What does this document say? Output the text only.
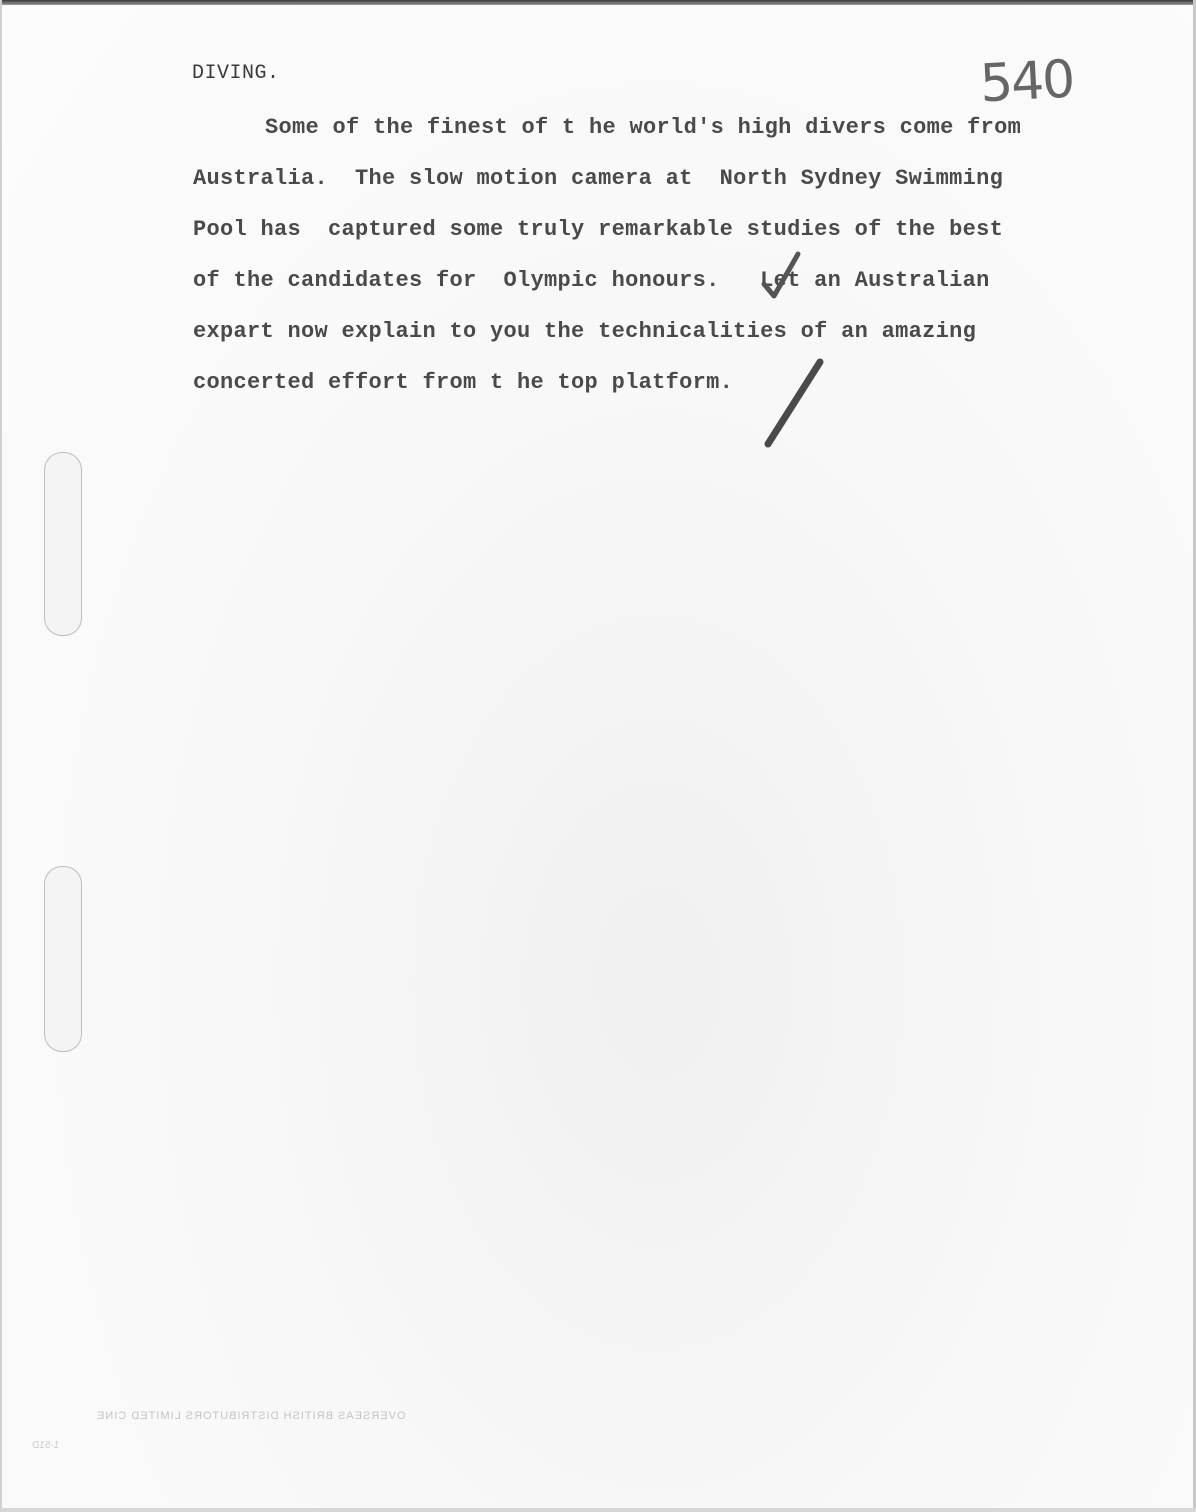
DIVING.	540
Some of the finest of t he world's high divers come from
Australia.  The slow motion camera at  North Sydney Swimming
Pool has  captured some truly remarkable studies of the best
of the candidates for  Olympic honours.   Let an Australian
expart now explain to you the technicalities of an amazing
concerted effort from t he top platform.
OVERSEAS BRITISH DISTRIBUTORS LIMITED CINE
1-51D
